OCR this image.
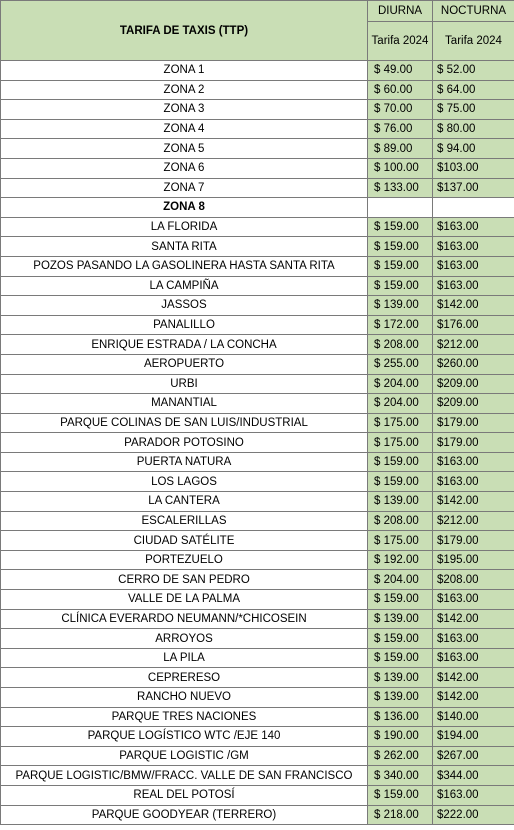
TARIFA DE TAXIS (TTP)	DIURNA	NOCTURNA
	Tarifa 2024	Tarifa 2024
ZONA 1	$ 49.00	$ 52.00
ZONA 2	$ 60.00	$ 64.00
ZONA 3	$ 70.00	$ 75.00
ZONA 4	$ 76.00	$ 80.00
ZONA 5	$ 89.00	$ 94.00
ZONA 6	$ 100.00	$103.00
ZONA 7	$ 133.00	$137.00
ZONA 8		
LA FLORIDA	$ 159.00	$163.00
SANTA RITA	$ 159.00	$163.00
POZOS PASANDO LA GASOLINERA HASTA SANTA RITA	$ 159.00	$163.00
LA CAMPIÑA	$ 159.00	$163.00
JASSOS	$ 139.00	$142.00
PANALILLO	$ 172.00	$176.00
ENRIQUE ESTRADA / LA CONCHA	$ 208.00	$212.00
AEROPUERTO	$ 255.00	$260.00
URBI	$ 204.00	$209.00
MANANTIAL	$ 204.00	$209.00
PARQUE COLINAS DE SAN LUIS/INDUSTRIAL	$ 175.00	$179.00
PARADOR POTOSINO	$ 175.00	$179.00
PUERTA NATURA	$ 159.00	$163.00
LOS LAGOS	$ 159.00	$163.00
LA CANTERA	$ 139.00	$142.00
ESCALERILLAS	$ 208.00	$212.00
CIUDAD SATÉLITE	$ 175.00	$179.00
PORTEZUELO	$ 192.00	$195.00
CERRO DE SAN PEDRO	$ 204.00	$208.00
VALLE DE LA PALMA	$ 159.00	$163.00
CLÍNICA EVERARDO NEUMANN/*CHICOSEIN	$ 139.00	$142.00
ARROYOS	$ 159.00	$163.00
LA PILA	$ 159.00	$163.00
CEPRERESO	$ 139.00	$142.00
RANCHO NUEVO	$ 139.00	$142.00
PARQUE TRES NACIONES	$ 136.00	$140.00
PARQUE LOGÍSTICO WTC /EJE 140	$ 190.00	$194.00
PARQUE LOGISTIC /GM	$ 262.00	$267.00
PARQUE LOGISTIC/BMW/FRACC. VALLE DE SAN FRANCISCO	$ 340.00	$344.00
REAL DEL POTOSÍ	$ 159.00	$163.00
PARQUE GOODYEAR (TERRERO)	$ 218.00	$222.00
